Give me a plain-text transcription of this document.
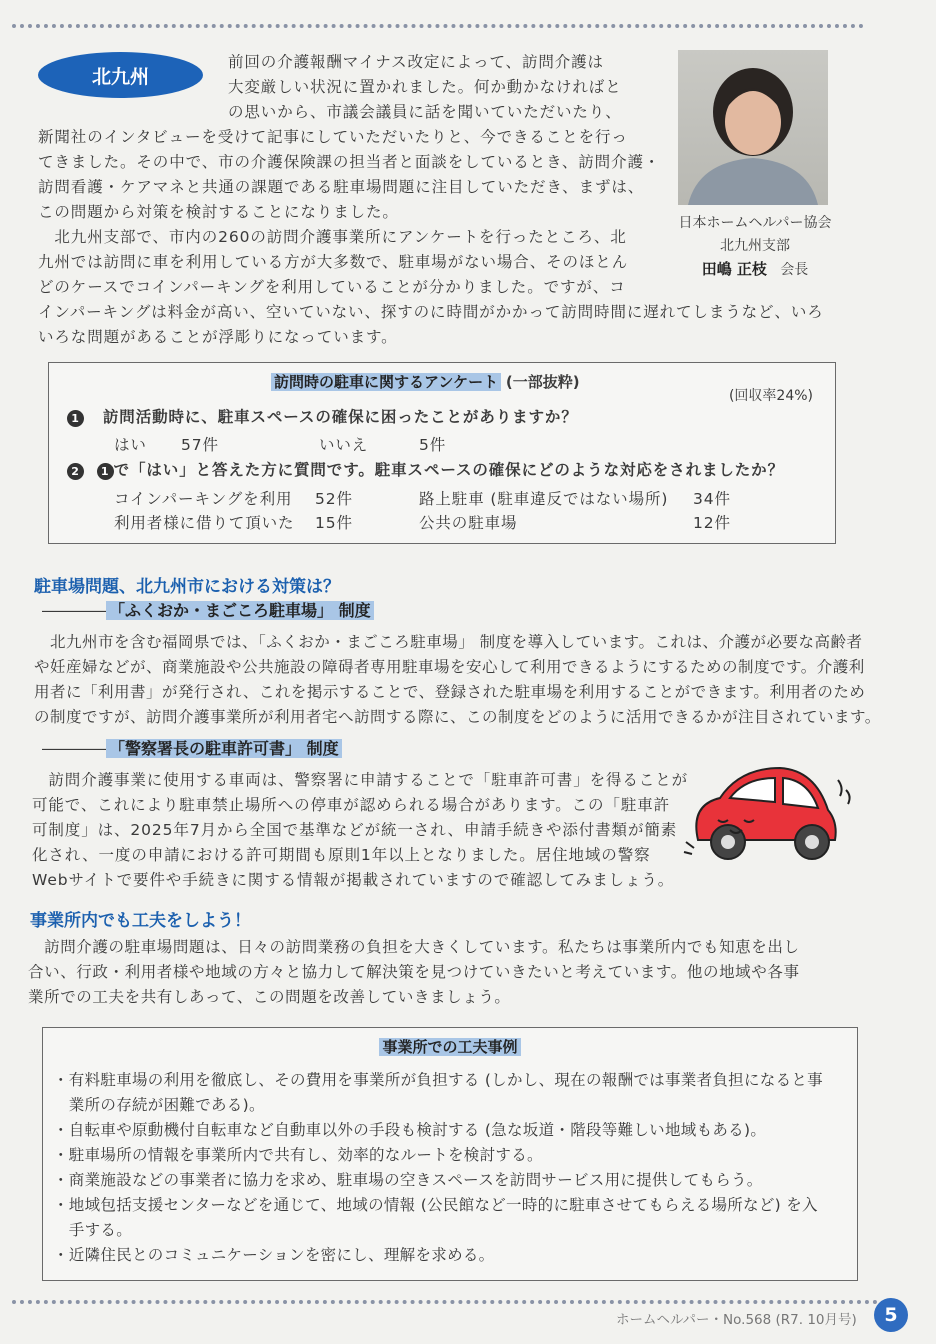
北九州
前回の介護報酬マイナス改定によって、訪問介護は
大変厳しい状況に置かれました。何か動かなければと
の思いから、市議会議員に話を聞いていただいたり、
新聞社のインタビューを受けて記事にしていただいたりと、今できることを行っ
てきました。その中で、市の介護保険課の担当者と面談をしているとき、訪問介護・
訪問看護・ケアマネと共通の課題である駐車場問題に注目していただき、まずは、
この問題から対策を検討することになりました。
　北九州支部で、市内の260の訪問介護事業所にアンケートを行ったところ、北
九州では訪問に車を利用している方が大多数で、駐車場がない場合、そのほとん
どのケースでコインパーキングを利用していることが分かりました。ですが、コ
インパーキングは料金が高い、空いていない、探すのに時間がかかって訪問時間に遅れてしまうなど、いろ
いろな問題があることが浮彫りになっています。
日本ホームヘルパー協会
北九州支部
田嶋 正枝 会長
訪問時の駐車に関するアンケート (一部抜粋)
(回収率24%)
1 訪問活動時に、駐車スペースの確保に困ったことがありますか？
はい 57件	いいえ	5件
2 1 で「はい」と答えた方に質問です。駐車スペースの確保にどのような対応をされましたか？
コインパーキングを利用 52件	路上駐車 (駐車違反ではない場所) 34件
利用者様に借りて頂いた 15件	公共の駐車場	12件
駐車場問題、北九州市における対策は？
―――― 「ふくおか・まごころ駐車場」 制度
　北九州市を含む福岡県では、「ふくおか・まごころ駐車場」 制度を導入しています。これは、介護が必要な高齢者
や妊産婦などが、商業施設や公共施設の障碍者専用駐車場を安心して利用できるようにするための制度です。介護利
用者に「利用書」が発行され、これを掲示することで、登録された駐車場を利用することができます。利用者のため
の制度ですが、訪問介護事業所が利用者宅へ訪問する際に、この制度をどのように活用できるかが注目されています。
―――― 「警察署長の駐車許可書」 制度
　訪問介護事業に使用する車両は、警察署に申請することで「駐車許可書」を得ることが
可能で、これにより駐車禁止場所への停車が認められる場合があります。この「駐車許
可制度」は、2025年7月から全国で基準などが統一され、申請手続きや添付書類が簡素
化され、一度の申請における許可期間も原則1年以上となりました。居住地域の警察
Webサイトで要件や手続きに関する情報が掲載されていますので確認してみましょう。
事業所内でも工夫をしよう！
　訪問介護の駐車場問題は、日々の訪問業務の負担を大きくしています。私たちは事業所内でも知恵を出し
合い、行政・利用者様や地域の方々と協力して解決策を見つけていきたいと考えています。他の地域や各事
業所での工夫を共有しあって、この問題を改善していきましょう。
事業所での工夫事例
・有料駐車場の利用を徹底し、その費用を事業所が負担する (しかし、現在の報酬では事業者負担になると事
　業所の存続が困難である)。
・自転車や原動機付自転車など自動車以外の手段も検討する (急な坂道・階段等難しい地域もある)。
・駐車場所の情報を事業所内で共有し、効率的なルートを検討する。
・商業施設などの事業者に協力を求め、駐車場の空きスペースを訪問サービス用に提供してもらう。
・地域包括支援センターなどを通じて、地域の情報 (公民館など一時的に駐車させてもらえる場所など) を入
　手する。
・近隣住民とのコミュニケーションを密にし、理解を求める。
ホームヘルパー・No.568 (R7. 10月号)	5
